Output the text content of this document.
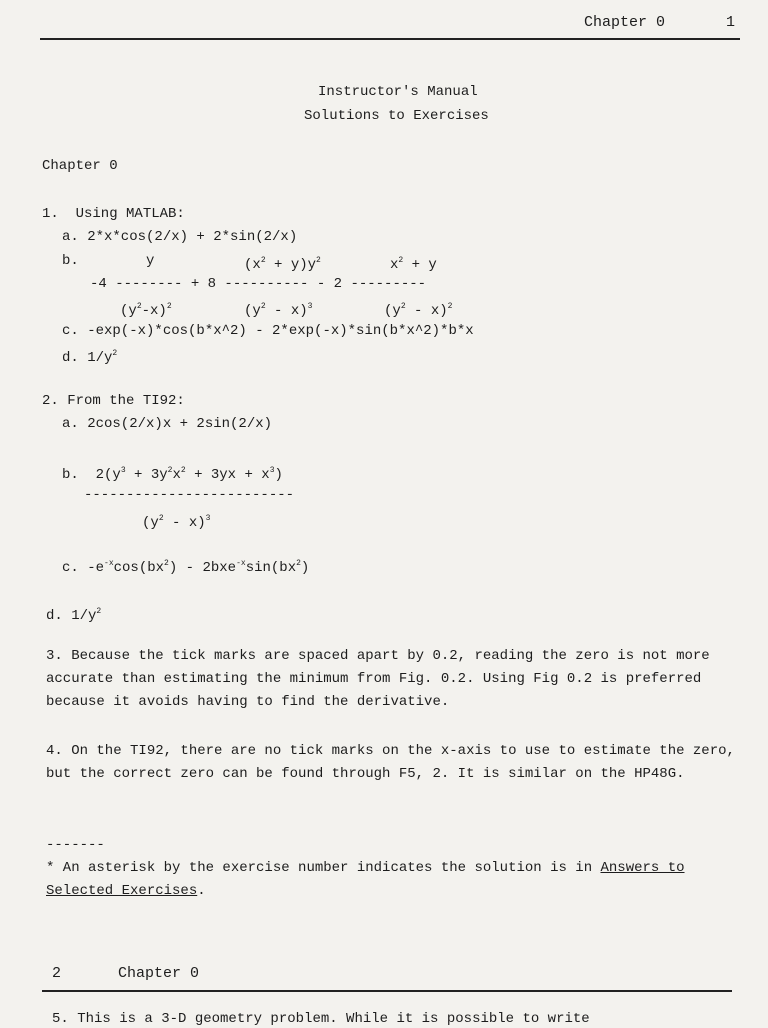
Chapter 0	1
Instructor's Manual
Solutions to Exercises
Chapter 0
1.  Using MATLAB:
a. 2*x*cos(2/x) + 2*sin(2/x)
b.	y	$(x^2 + y)y^2$	$x^2 + y$
-4 -------- + 8 ---------- - 2 ---------
$(y^2-x)^2$	$(y^2 - x)^3$	$(y^2 - x)^2$
c. -exp(-x)*cos(b*x^2) - 2*exp(-x)*sin(b*x^2)*b*x
d. $1/y^2$
2. From the TI92:
a. 2cos(2/x)x + 2sin(2/x)
b.  $2(y^3 + 3y^2x^2 + 3yx + x^3)$
-------------------------
$(y^2 - x)^3$
c. $-e^{-x}\cos(bx^2) - 2bxe^{-x}\sin(bx^2)$
d. $1/y^2$
3. Because the tick marks are spaced apart by 0.2, reading the zero is not more accurate than estimating the minimum from Fig. 0.2. Using Fig 0.2 is preferred because it avoids having to find the derivative.
4. On the TI92, there are no tick marks on the x-axis to use to estimate the zero, but the correct zero can be found through F5, 2. It is similar on the HP48G.
-------
* An asterisk by the exercise number indicates the solution is in Answers to Selected Exercises.
2	Chapter 0
5. This is a 3-D geometry problem. While it is possible to write
